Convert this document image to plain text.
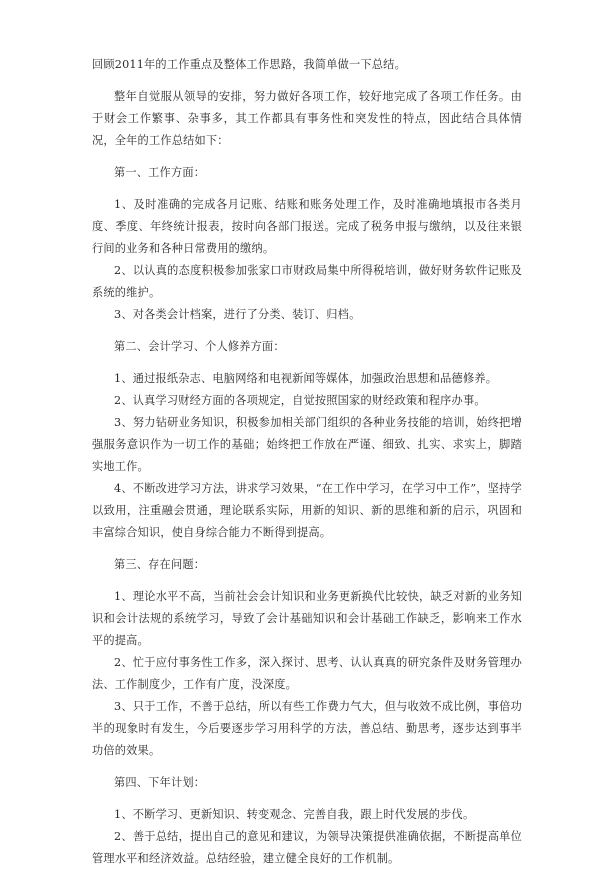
回顾2011年的工作重点及整体工作思路，我简单做一下总结。

整年自觉服从领导的安排，努力做好各项工作，较好地完成了各项工作任务。由于财会工作繁事、杂事多，其工作都具有事务性和突发性的特点，因此结合具体情况，全年的工作总结如下：

第一、工作方面：

1、及时准确的完成各月记账、结账和账务处理工作，及时准确地填报市各类月度、季度、年终统计报表，按时向各部门报送。完成了税务申报与缴纳，以及往来银行间的业务和各种日常费用的缴纳。

2、以认真的态度积极参加张家口市财政局集中所得税培训，做好财务软件记账及系统的维护。

3、对各类会计档案，进行了分类、装订、归档。

第二、会计学习、个人修养方面：

1、通过报纸杂志、电脑网络和电视新闻等媒体，加强政治思想和品德修养。

2、认真学习财经方面的各项规定，自觉按照国家的财经政策和程序办事。

3、努力钻研业务知识，积极参加相关部门组织的各种业务技能的培训，始终把增强服务意识作为一切工作的基础；始终把工作放在严谨、细致、扎实、求实上，脚踏实地工作。

4、不断改进学习方法，讲求学习效果，“在工作中学习，在学习中工作”，坚持学以致用，注重融会贯通，理论联系实际，用新的知识、新的思维和新的启示，巩固和丰富综合知识，使自身综合能力不断得到提高。

第三、存在问题：

1、理论水平不高，当前社会会计知识和业务更新换代比较快，缺乏对新的业务知识和会计法规的系统学习，导致了会计基础知识和会计基础工作缺乏，影响来工作水平的提高。

2、忙于应付事务性工作多，深入探讨、思考、认认真真的研究条件及财务管理办法、工作制度少，工作有广度，没深度。

3、只于工作，不善于总结，所以有些工作费力气大，但与收效不成比例，事倍功半的现象时有发生，今后要逐步学习用科学的方法，善总结、勤思考，逐步达到事半功倍的效果。

第四、下年计划：

1、不断学习、更新知识、转变观念、完善自我，跟上时代发展的步伐。

2、善于总结，提出自己的意见和建议，为领导决策提供准确依据，不断提高单位管理水平和经济效益。总结经验，建立健全良好的工作机制。
